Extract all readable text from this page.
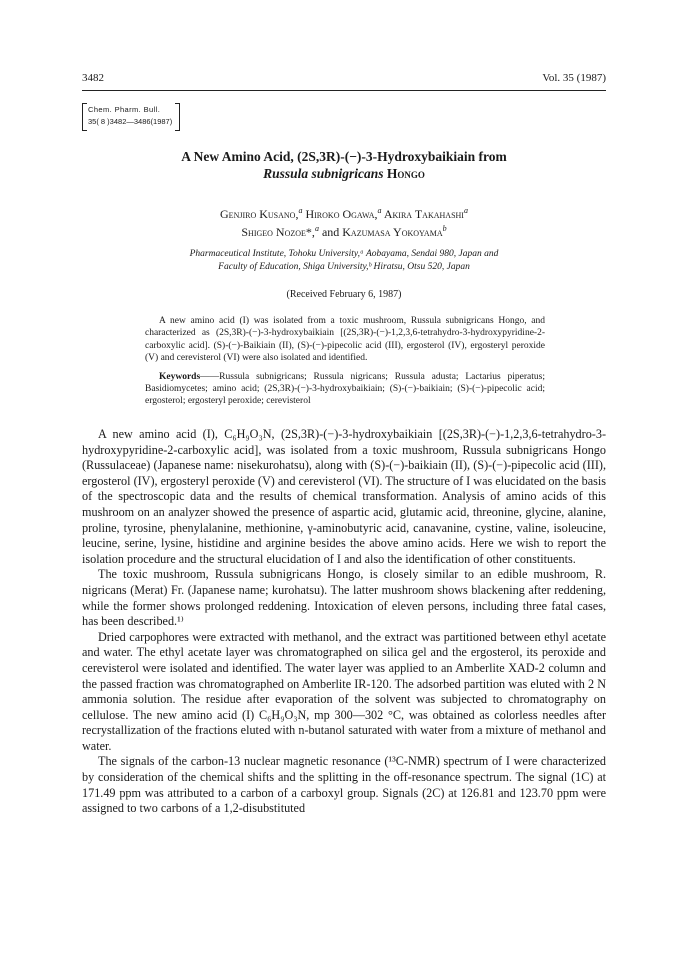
3482	Vol. 35 (1987)
Chem. Pharm. Bull.
35( 8 )3482—3486(1987)
A New Amino Acid, (2S,3R)-(−)-3-Hydroxybaikiain from
Russula subnigricans Hongo
Genjiro Kusano,$^a$ Hiroko Ogawa,$^a$ Akira Takahashi$^a$
Shigeo Nozoe*,$^a$ and Kazumasa Yokoyama$^b$
Pharmaceutical Institute, Tohoku University,ᵃ Aobayama, Sendai 980, Japan and
Faculty of Education, Shiga University,ᵇ Hiratsu, Otsu 520, Japan
(Received February 6, 1987)

A new amino acid (I) was isolated from a toxic mushroom, Russula subnigricans Hongo, and characterized as (2S,3R)-(−)-3-hydroxybaikiain [(2S,3R)-(−)-1,2,3,6-tetrahydro-3-hydroxypyridine-2-carboxylic acid]. (S)-(−)-Baikiain (II), (S)-(−)-pipecolic acid (III), ergosterol (IV), ergosteryl peroxide (V) and cerevisterol (VI) were also isolated and identified.

Keywords——Russula subnigricans; Russula nigricans; Russula adusta; Lactarius piperatus; Basidiomycetes; amino acid; (2S,3R)-(−)-3-hydroxybaikiain; (S)-(−)-baikiain; (S)-(−)-pipecolic acid; ergosterol; ergosteryl peroxide; cerevisterol

A new amino acid (I), C₆H₉O₃N, (2S,3R)-(−)-3-hydroxybaikiain [(2S,3R)-(−)-1,2,3,6-tetrahydro-3-hydroxypyridine-2-carboxylic acid], was isolated from a toxic mushroom, Russula subnigricans Hongo (Russulaceae) (Japanese name: nisekurohatsu), along with (S)-(−)-baikiain (II), (S)-(−)-pipecolic acid (III), ergosterol (IV), ergosteryl peroxide (V) and cerevisterol (VI). The structure of I was elucidated on the basis of the spectroscopic data and the results of chemical transformation. Analysis of amino acids of this mushroom on an analyzer showed the presence of aspartic acid, glutamic acid, threonine, glycine, alanine, proline, tyrosine, phenylalanine, methionine, γ-aminobutyric acid, canavanine, cystine, valine, isoleucine, leucine, serine, lysine, histidine and arginine besides the above amino acids. Here we wish to report the isolation procedure and the structural elucidation of I and also the identification of other constituents.

The toxic mushroom, Russula subnigricans Hongo, is closely similar to an edible mushroom, R. nigricans (Merat) Fr. (Japanese name; kurohatsu). The latter mushroom shows blackening after reddening, while the former shows prolonged reddening. Intoxication of eleven persons, including three fatal cases, has been described.¹⁾

Dried carpophores were extracted with methanol, and the extract was partitioned between ethyl acetate and water. The ethyl acetate layer was chromatographed on silica gel and the ergosterol, its peroxide and cerevisterol were isolated and identified. The water layer was applied to an Amberlite XAD-2 column and the passed fraction was chromatographed on Amberlite IR-120. The adsorbed partition was eluted with 2 N ammonia solution. The residue after evaporation of the solvent was subjected to chromatography on cellulose. The new amino acid (I) C₆H₉O₃N, mp 300—302 °C, was obtained as colorless needles after recrystallization of the fractions eluted with n-butanol saturated with water from a mixture of methanol and water.

The signals of the carbon-13 nuclear magnetic resonance (¹³C-NMR) spectrum of I were characterized by consideration of the chemical shifts and the splitting in the off-resonance spectrum. The signal (1C) at 171.49 ppm was attributed to a carbon of a carboxyl group. Signals (2C) at 126.81 and 123.70 ppm were assigned to two carbons of a 1,2-disubstituted
